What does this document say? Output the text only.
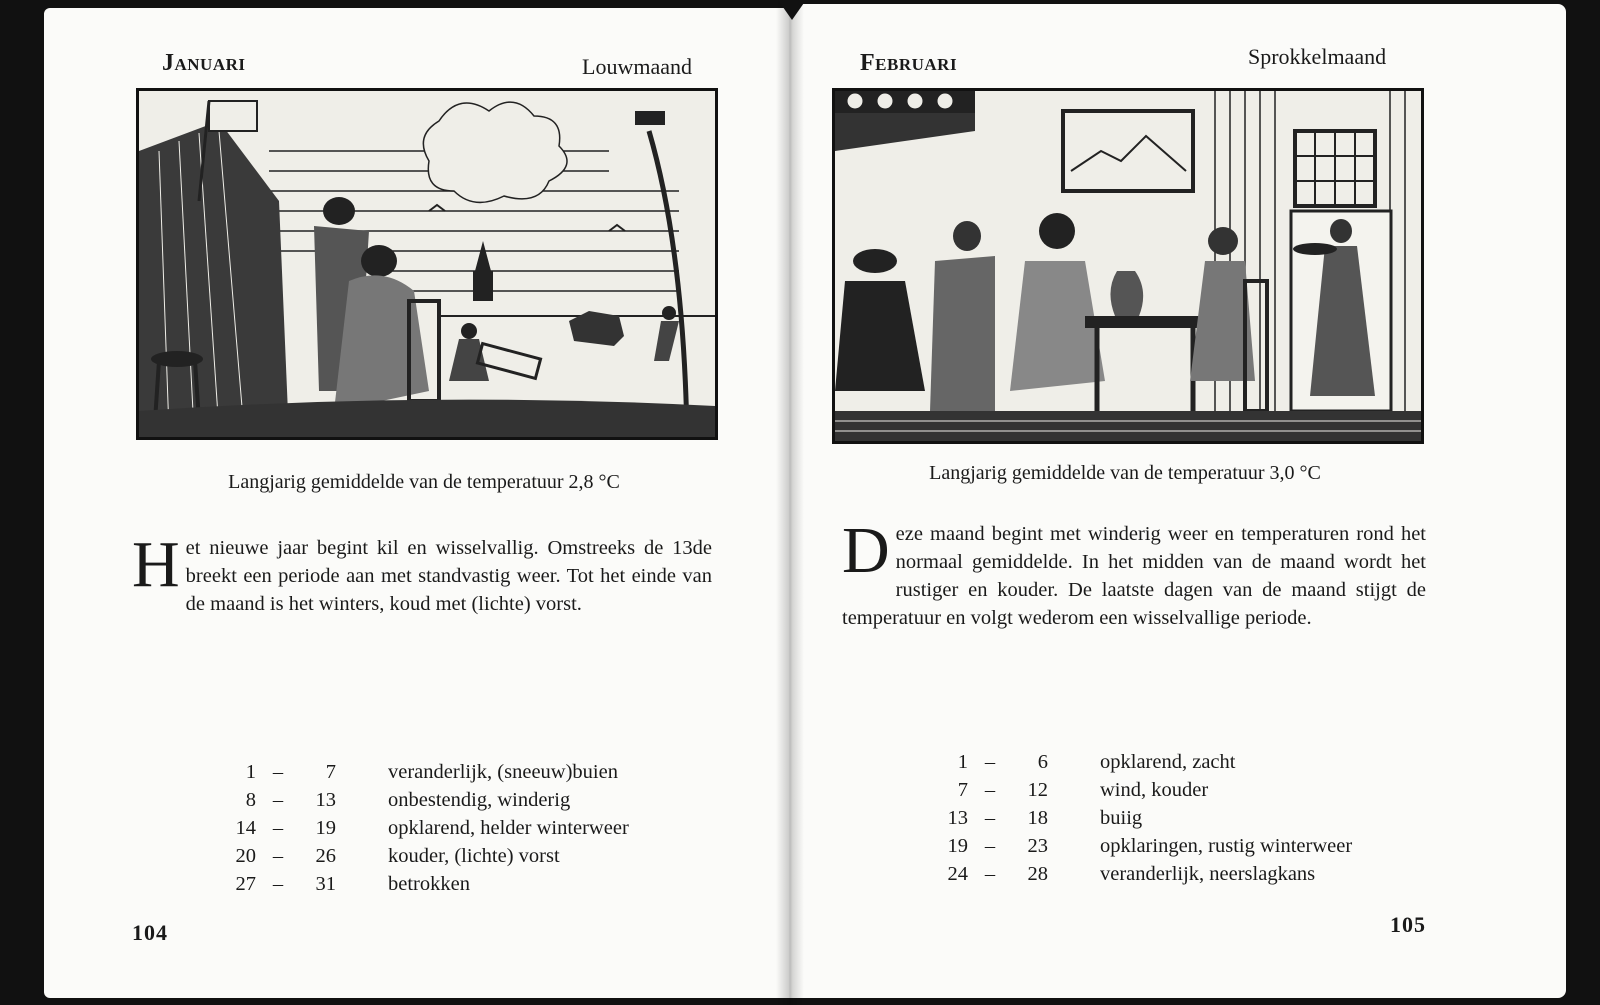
Januari	Louwmaand
Langjarig gemiddelde van de temperatuur 2,8 °C

Het nieuwe jaar begint kil en wisselvallig. Omstreeks de 13de breekt een periode aan met standvastig weer. Tot het einde van de maand is het winters, koud met (lichte) vorst.

1	–	7	veranderlijk, (sneeuw)buien
8	–	13	onbestendig, winderig
14	–	19	opklarend, helder winterweer
20	–	26	kouder, (lichte) vorst
27	–	31	betrokken
104
Februari	Sprokkelmaand
Langjarig gemiddelde van de temperatuur 3,0 °C

Deze maand begint met winderig weer en temperaturen rond het normaal gemiddelde. In het midden van de maand wordt het rustiger en kouder. De laatste dagen van de maand stijgt de temperatuur en volgt wederom een wisselvallige periode.

1	–	6	opklarend, zacht
7	–	12	wind, kouder
13	–	18	buiig
19	–	23	opklaringen, rustig winterweer
24	–	28	veranderlijk, neerslagkans
105
